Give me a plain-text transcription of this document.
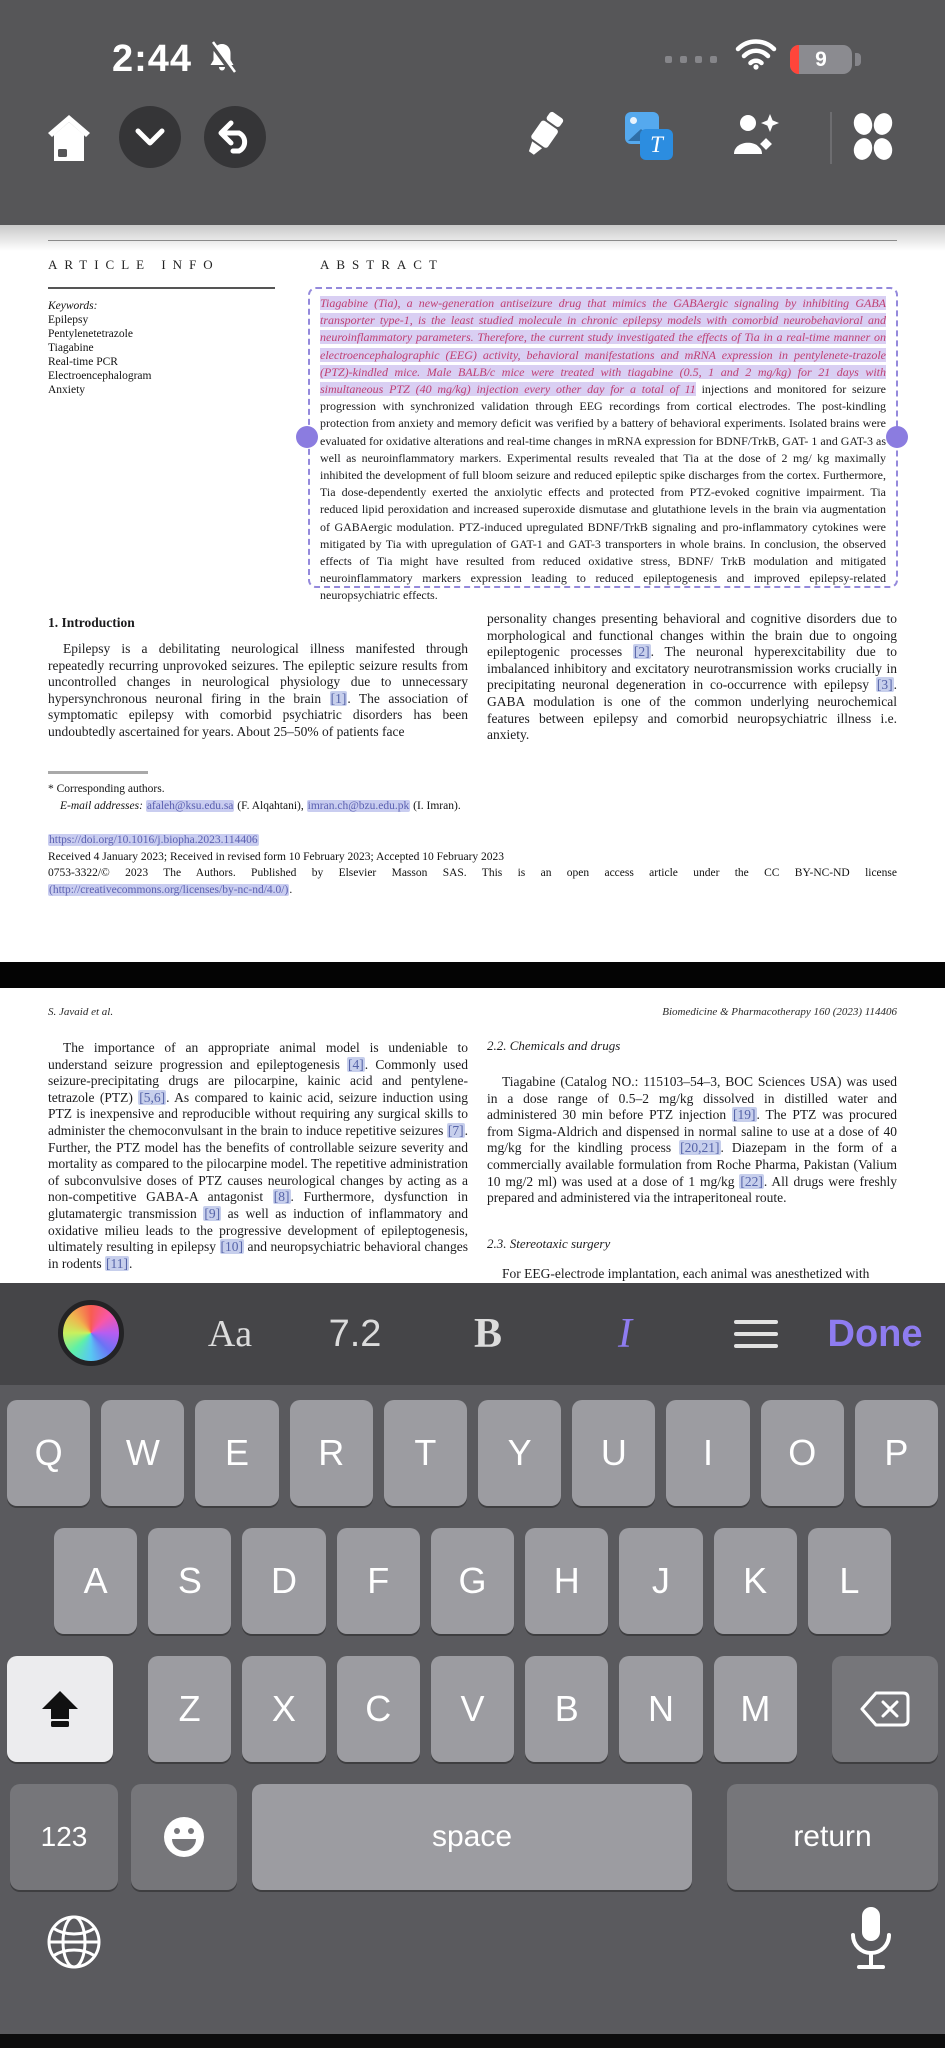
2:44	9
T
ARTICLE INFO
Keywords:
Epilepsy
Pentylenetetrazole
Tiagabine
Real-time PCR
Electroencephalogram
Anxiety
ABSTRACT
Tiagabine (Tia), a new-generation antiseizure drug that mimics the GABAergic signaling by inhibiting GABA transporter type-1, is the least studied molecule in chronic epilepsy models with comorbid neurobehavioral and neuroinflammatory parameters. Therefore, the current study investigated the effects of Tia in a real-time manner on electroencephalographic (EEG) activity, behavioral manifestations and mRNA expression in pentylenete-trazole (PTZ)-kindled mice. Male BALB/c mice were treated with tiagabine (0.5, 1 and 2 mg/kg) for 21 days with simultaneous PTZ (40 mg/kg) injection every other day for a total of 11 injections and monitored for seizure progression with synchronized validation through EEG recordings from cortical electrodes. The post-kindling protection from anxiety and memory deficit was verified by a battery of behavioral experiments. Isolated brains were evaluated for oxidative alterations and real-time changes in mRNA expression for BDNF/TrkB, GAT- 1 and GAT-3 as well as neuroinflammatory markers. Experimental results revealed that Tia at the dose of 2 mg/ kg maximally inhibited the development of full bloom seizure and reduced epileptic spike discharges from the cortex. Furthermore, Tia dose-dependently exerted the anxiolytic effects and protected from PTZ-evoked cognitive impairment. Tia reduced lipid peroxidation and increased superoxide dismutase and glutathione levels in the brain via augmentation of GABAergic modulation. PTZ-induced upregulated BDNF/TrkB signaling and pro-inflammatory cytokines were mitigated by Tia with upregulation of GAT-1 and GAT-3 transporters in whole brains. In conclusion, the observed effects of Tia might have resulted from reduced oxidative stress, BDNF/ TrkB modulation and mitigated neuroinflammatory markers expression leading to reduced epileptogenesis and improved epilepsy-related neuropsychiatric effects.
1. Introduction
Epilepsy is a debilitating neurological illness manifested through repeatedly recurring unprovoked seizures. The epileptic seizure results from uncontrolled changes in neurological physiology due to unnecessary hypersynchronous neuronal firing in the brain [1]. The association of symptomatic epilepsy with comorbid psychiatric disorders has been undoubtedly ascertained for years. About 25–50% of patients face
personality changes presenting behavioral and cognitive disorders due to morphological and functional changes within the brain due to ongoing epileptogenic processes [2]. The neuronal hyperexcitability due to imbalanced inhibitory and excitatory neurotransmission works crucially in precipitating neuronal degeneration in co-occurrence with epilepsy [3]. GABA modulation is one of the common underlying neurochemical features between epilepsy and comorbid neuropsychiatric illness i.e. anxiety.
* Corresponding authors.
E-mail addresses: afaleh@ksu.edu.sa (F. Alqahtani), imran.ch@bzu.edu.pk (I. Imran).
https://doi.org/10.1016/j.biopha.2023.114406
Received 4 January 2023; Received in revised form 10 February 2023; Accepted 10 February 2023
0753-3322/© 2023 The Authors. Published by Elsevier Masson SAS. This is an open access article under the CC BY-NC-ND license
(http://creativecommons.org/licenses/by-nc-nd/4.0/).
S. Javaid et al.	Biomedicine & Pharmacotherapy 160 (2023) 114406
The importance of an appropriate animal model is undeniable to understand seizure progression and epileptogenesis [4]. Commonly used seizure-precipitating drugs are pilocarpine, kainic acid and pentylene-tetrazole (PTZ) [5,6]. As compared to kainic acid, seizure induction using PTZ is inexpensive and reproducible without requiring any surgical skills to administer the chemoconvulsant in the brain to induce repetitive seizures [7]. Further, the PTZ model has the benefits of controllable seizure severity and mortality as compared to the pilocarpine model. The repetitive administration of subconvulsive doses of PTZ causes neurological changes by acting as a non-competitive GABA-A antagonist [8]. Furthermore, dysfunction in glutamatergic transmission [9] as well as induction of inflammatory and oxidative milieu leads to the progressive development of epileptogenesis, ultimately resulting in epilepsy [10] and neuropsychiatric behavioral changes in rodents [11].
2.2. Chemicals and drugs
Tiagabine (Catalog NO.: 115103–54–3, BOC Sciences USA) was used in a dose range of 0.5–2 mg/kg dissolved in distilled water and administered 30 min before PTZ injection [19]. The PTZ was procured from Sigma-Aldrich and dispensed in normal saline to use at a dose of 40 mg/kg for the kindling process [20,21]. Diazepam in the form of a commercially available formulation from Roche Pharma, Pakistan (Valium 10 mg/2 ml) was used at a dose of 1 mg/kg [22]. All drugs were freshly prepared and administered via the intraperitoneal route.
2.3. Stereotaxic surgery
For EEG-electrode implantation, each animal was anesthetized with
Aa	7.2	B	I	Done
Q	W	E	R	T	Y	U	I	O	P
A	S	D	F	G	H	J	K	L
Z	X	C	V	B	N	M
123	space	return
